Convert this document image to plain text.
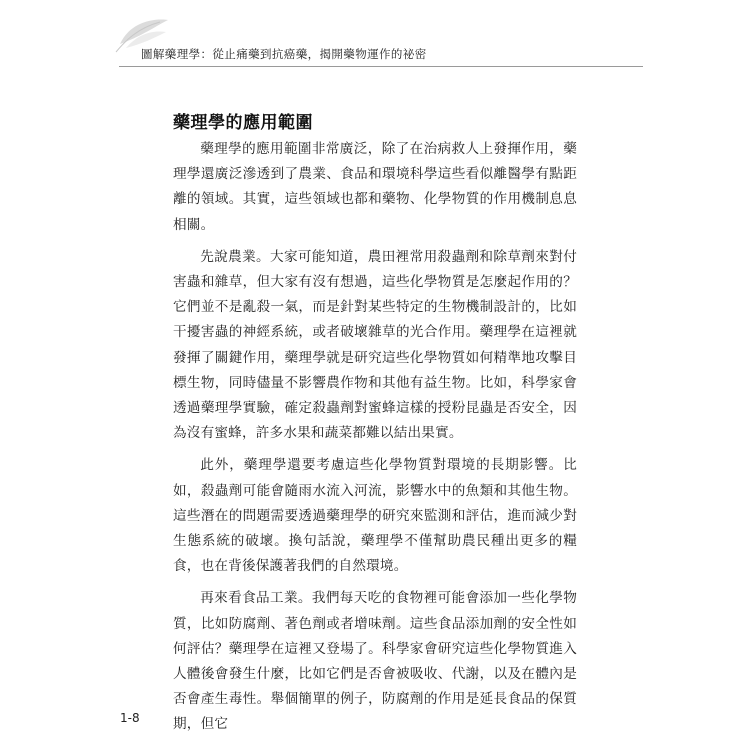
圖解藥理學：從止痛藥到抗癌藥，揭開藥物運作的祕密
藥理學的應用範圍

藥理學的應用範圍非常廣泛，除了在治病救人上發揮作用，藥理學還廣泛滲透到了農業、食品和環境科學這些看似離醫學有點距離的領域。其實，這些領域也都和藥物、化學物質的作用機制息息相關。

先說農業。大家可能知道，農田裡常用殺蟲劑和除草劑來對付害蟲和雜草，但大家有沒有想過，這些化學物質是怎麼起作用的？它們並不是亂殺一氣，而是針對某些特定的生物機制設計的，比如干擾害蟲的神經系統，或者破壞雜草的光合作用。藥理學在這裡就發揮了關鍵作用，藥理學就是研究這些化學物質如何精準地攻擊目標生物，同時儘量不影響農作物和其他有益生物。比如，科學家會透過藥理學實驗，確定殺蟲劑對蜜蜂這樣的授粉昆蟲是否安全，因為沒有蜜蜂，許多水果和蔬菜都難以結出果實。

此外，藥理學還要考慮這些化學物質對環境的長期影響。比如，殺蟲劑可能會隨雨水流入河流，影響水中的魚類和其他生物。這些潛在的問題需要透過藥理學的研究來監測和評估，進而減少對生態系統的破壞。換句話說，藥理學不僅幫助農民種出更多的糧食，也在背後保護著我們的自然環境。

再來看食品工業。我們每天吃的食物裡可能會添加一些化學物質，比如防腐劑、著色劑或者增味劑。這些食品添加劑的安全性如何評估？藥理學在這裡又登場了。科學家會研究這些化學物質進入人體後會發生什麼，比如它們是否會被吸收、代謝，以及在體內是否會產生毒性。舉個簡單的例子，防腐劑的作用是延長食品的保質期，但它

1-8
